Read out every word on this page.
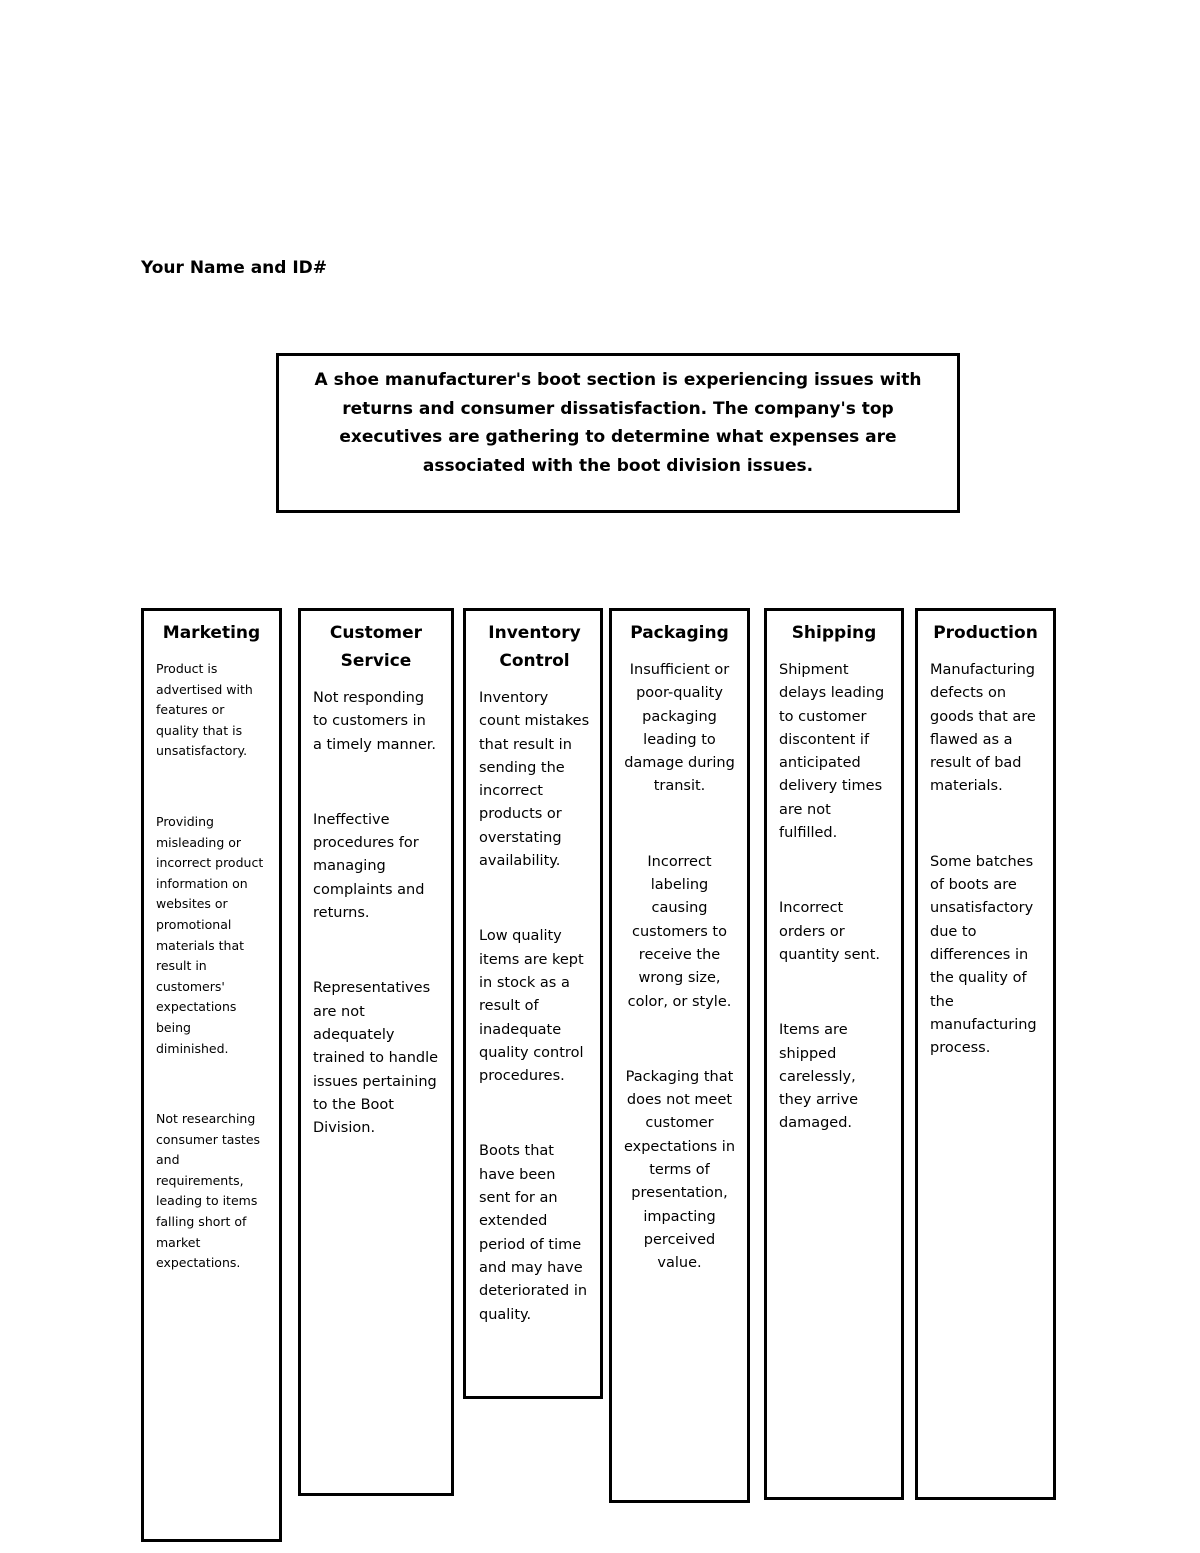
Your Name and ID#
A shoe manufacturer's boot section is experiencing issues with returns and consumer dissatisfaction. The company's top executives are gathering to determine what expenses are associated with the boot division issues.
Marketing

Product is advertised with features or quality that is unsatisfactory.

Providing misleading or incorrect product information on websites or promotional materials that result in customers' expectations being diminished.

Not researching consumer tastes and requirements, leading to items falling short of market expectations.

Customer Service

Not responding to customers in a timely manner.

Ineffective procedures for managing complaints and returns.

Representatives are not adequately trained to handle issues pertaining to the Boot Division.

Inventory Control

Inventory count mistakes that result in sending the incorrect products or overstating availability.

Low quality items are kept in stock as a result of inadequate quality control procedures.

Boots that have been sent for an extended period of time and may have deteriorated in quality.

Packaging

Insufficient or poor-quality packaging leading to damage during transit.

Incorrect labeling causing customers to receive the wrong size, color, or style.

Packaging that does not meet customer expectations in terms of presentation, impacting perceived value.

Shipping

Shipment delays leading to customer discontent if anticipated delivery times are not fulfilled.

Incorrect orders or quantity sent.

Items are shipped carelessly, they arrive damaged.

Production

Manufacturing defects on goods that are flawed as a result of bad materials.

Some batches of boots are unsatisfactory due to differences in the quality of the manufacturing process.
